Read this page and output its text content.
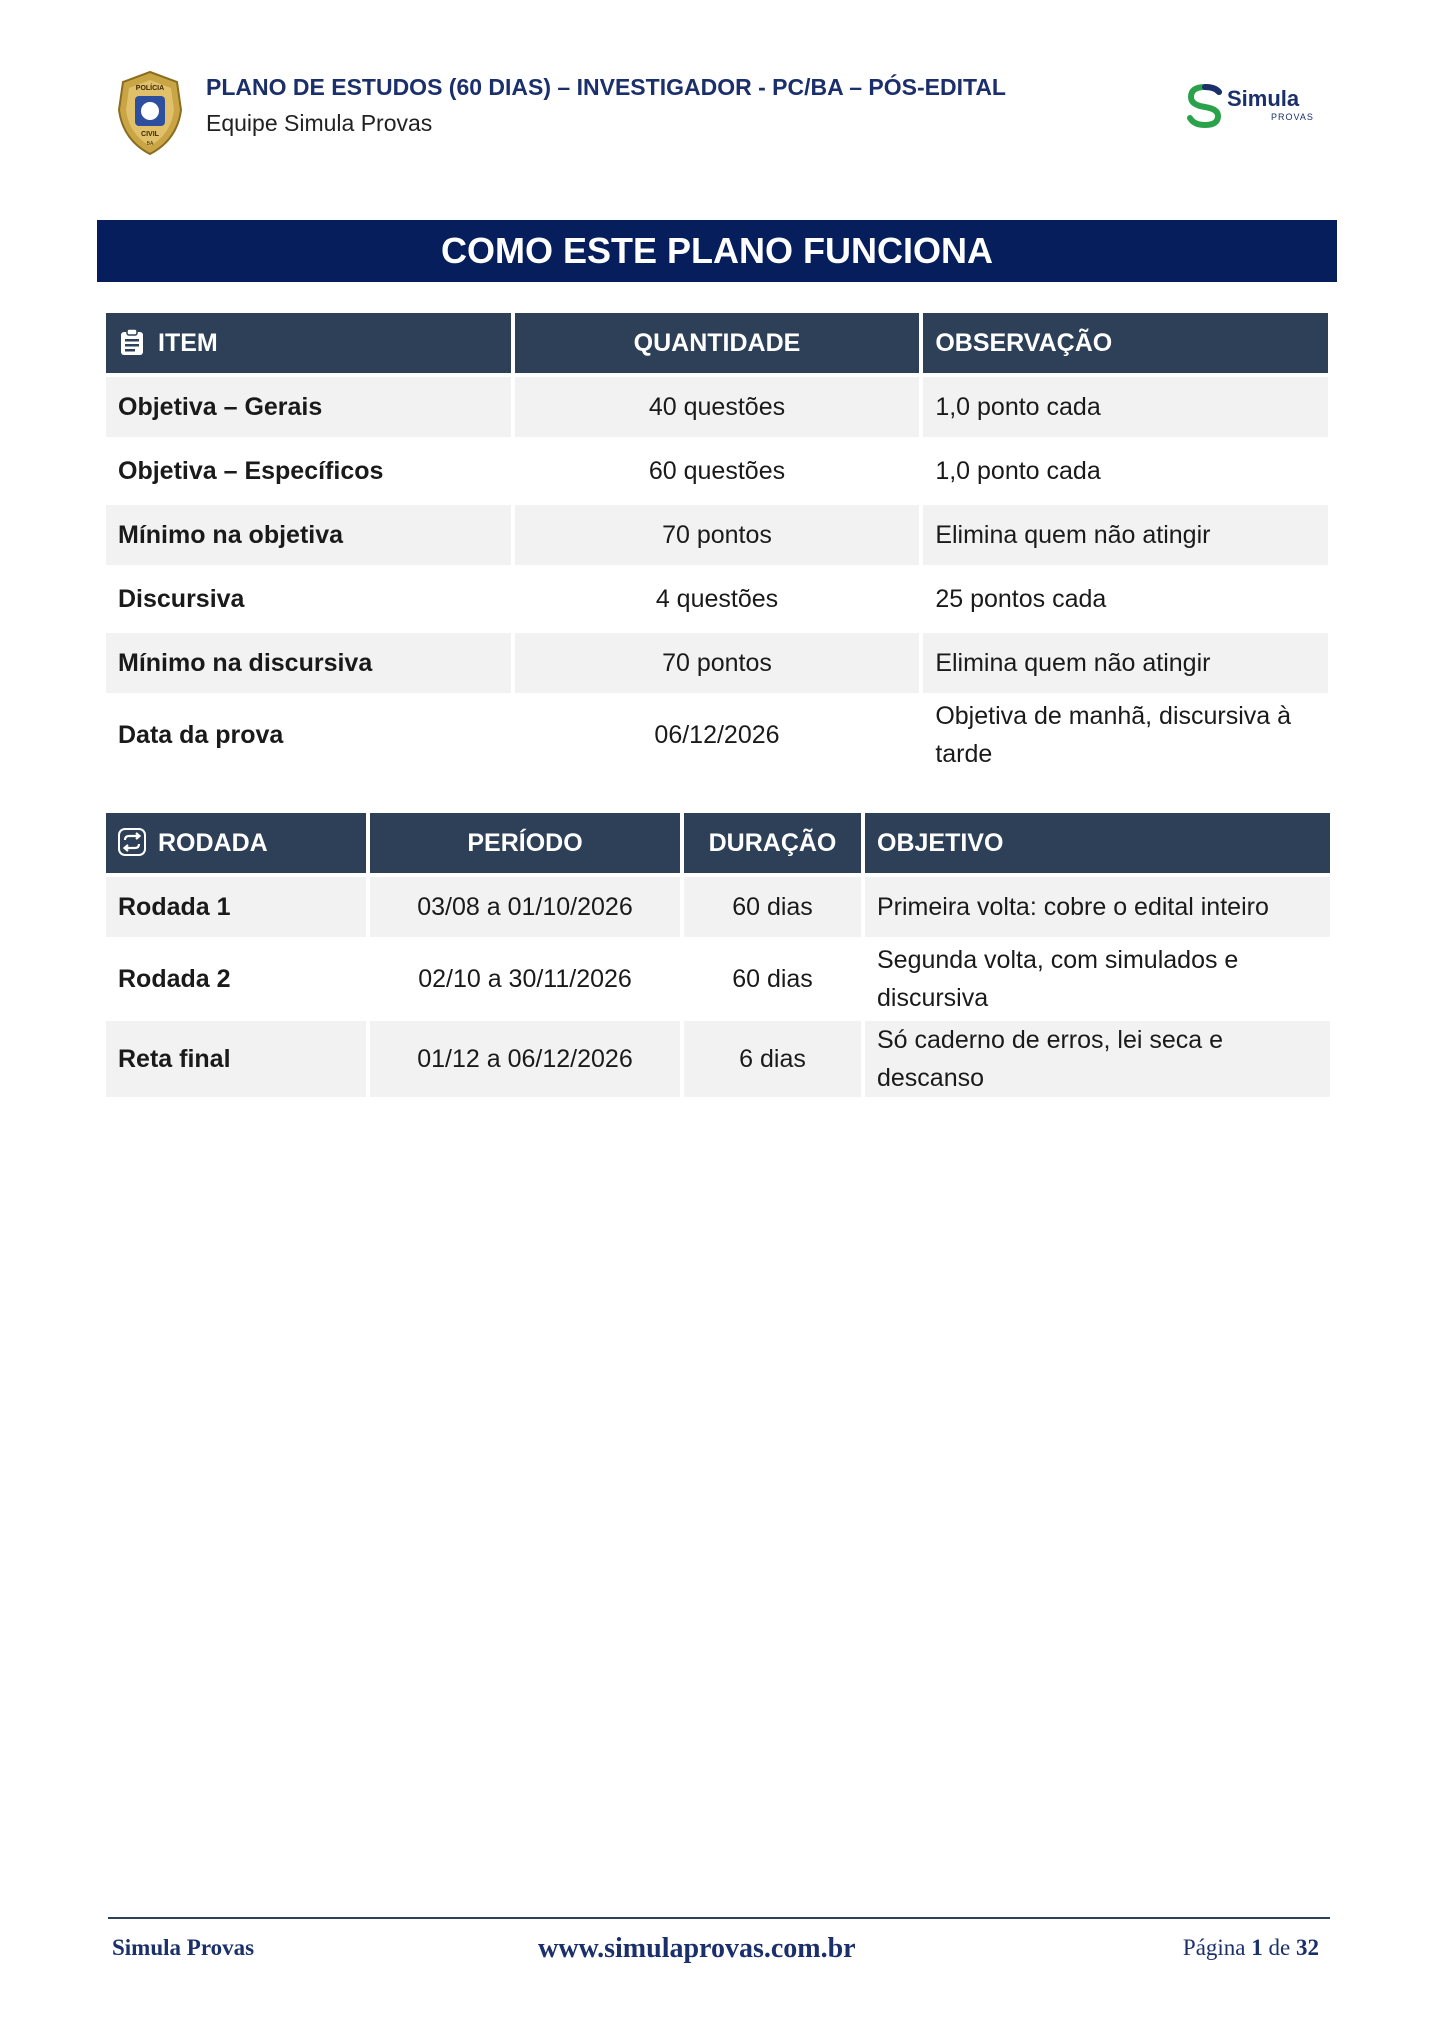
POLÍCIA
CIVIL
BA
PLANO DE ESTUDOS (60 DIAS) – INVESTIGADOR - PC/BA – PÓS-EDITAL
Equipe Simula Provas
Simula
PROVAS
COMO ESTE PLANO FUNCIONA
ITEM	QUANTIDADE	OBSERVAÇÃO
Objetiva – Gerais	40 questões	1,0 ponto cada
Objetiva – Específicos	60 questões	1,0 ponto cada
Mínimo na objetiva	70 pontos	Elimina quem não atingir
Discursiva	4 questões	25 pontos cada
Mínimo na discursiva	70 pontos	Elimina quem não atingir
Data da prova	06/12/2026	Objetiva de manhã, discursiva à tarde
RODADA	PERÍODO	DURAÇÃO	OBJETIVO
Rodada 1	03/08 a 01/10/2026	60 dias	Primeira volta: cobre o edital inteiro
Rodada 2	02/10 a 30/11/2026	60 dias	Segunda volta, com simulados e discursiva
Reta final	01/12 a 06/12/2026	6 dias	Só caderno de erros, lei seca e descanso
Simula Provas	www.simulaprovas.com.br	Página 1 de 32
